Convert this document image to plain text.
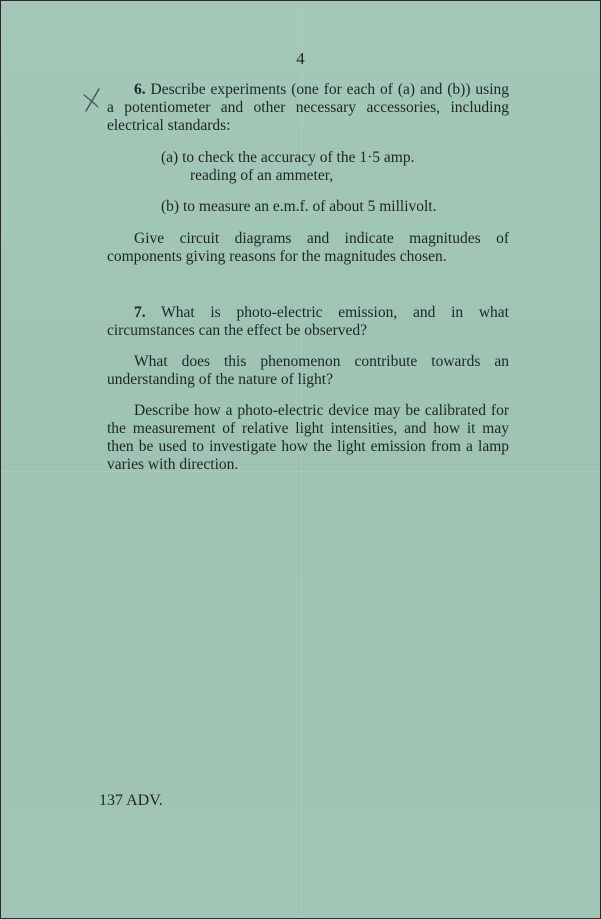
4

6. Describe experiments (one for each of (a) and (b)) using a potentiometer and other necessary accessories, including electrical standards:

(a) to check the accuracy of the 1·5 amp.
reading of an ammeter,

(b) to measure an e.m.f. of about 5 millivolt.

Give circuit diagrams and indicate magnitudes of components giving reasons for the magnitudes chosen.

7. What is photo-electric emission, and in what circumstances can the effect be observed?

What does this phenomenon contribute towards an understanding of the nature of light?

Describe how a photo-electric device may be calibrated for the measurement of relative light intensities, and how it may then be used to investigate how the light emission from a lamp varies with direction.

137 ADV.
